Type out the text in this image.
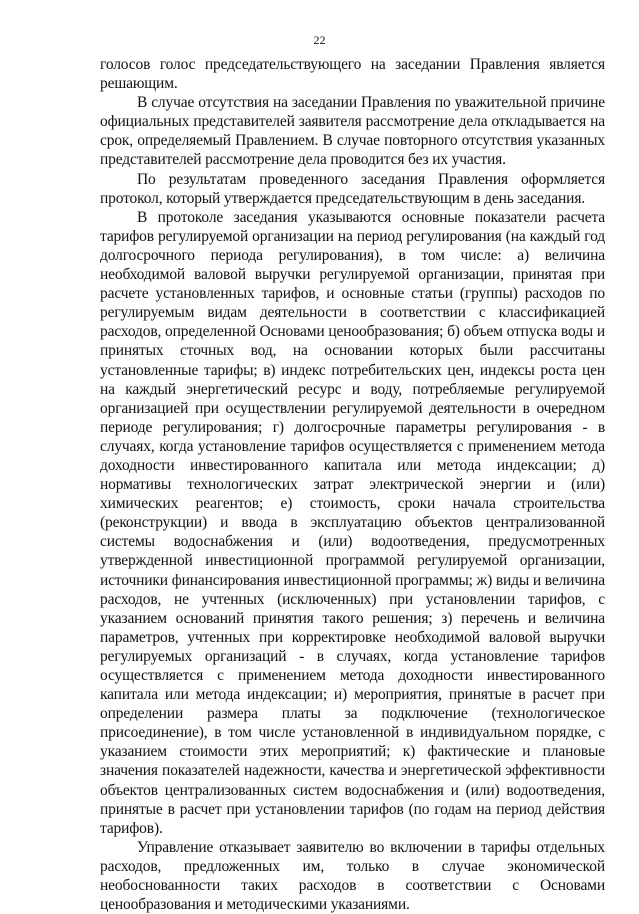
22

голосов голос председательствующего на заседании Правления является решающим.

В случае отсутствия на заседании Правления по уважительной причине официальных представителей заявителя рассмотрение дела откладывается на срок, определяемый Правлением. В случае повторного отсутствия указанных представителей рассмотрение дела проводится без их участия.

По результатам проведенного заседания Правления оформляется протокол, который утверждается председательствующим в день заседания.

В протоколе заседания указываются основные показатели расчета тарифов регулируемой организации на период регулирования (на каждый год долгосрочного периода регулирования), в том числе: а) величина необходимой валовой выручки регулируемой организации, принятая при расчете установленных тарифов, и основные статьи (группы) расходов по регулируемым видам деятельности в соответствии с классификацией расходов, определенной Основами ценообразования; б) объем отпуска воды и принятых сточных вод, на основании которых были рассчитаны установленные тарифы; в) индекс потребительских цен, индексы роста цен на каждый энергетический ресурс и воду, потребляемые регулируемой организацией при осуществлении регулируемой деятельности в очередном периоде регулирования; г) долгосрочные параметры регулирования - в случаях, когда установление тарифов осуществляется с применением метода доходности инвестированного капитала или метода индексации; д) нормативы технологических затрат электрической энергии и (или) химических реагентов; е) стоимость, сроки начала строительства (реконструкции) и ввода в эксплуатацию объектов централизованной системы водоснабжения и (или) водоотведения, предусмотренных утвержденной инвестиционной программой регулируемой организации, источники финансирования инвестиционной программы; ж) виды и величина расходов, не учтенных (исключенных) при установлении тарифов, с указанием оснований принятия такого решения; з) перечень и величина параметров, учтенных при корректировке необходимой валовой выручки регулируемых организаций - в случаях, когда установление тарифов осуществляется с применением метода доходности инвестированного капитала или метода индексации; и) мероприятия, принятые в расчет при определении размера платы за подключение (технологическое присоединение), в том числе установленной в индивидуальном порядке, с указанием стоимости этих мероприятий; к) фактические и плановые значения показателей надежности, качества и энергетической эффективности объектов централизованных систем водоснабжения и (или) водоотведения, принятые в расчет при установлении тарифов (по годам на период действия тарифов).

Управление отказывает заявителю во включении в тарифы отдельных расходов, предложенных им, только в случае экономической необоснованности таких расходов в соответствии с Основами ценообразования и методическими указаниями.
